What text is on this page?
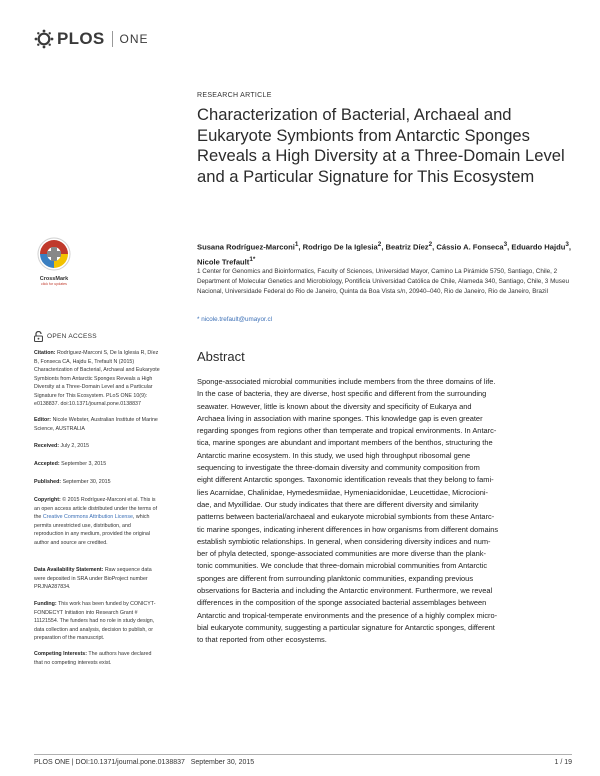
PLOS ONE
RESEARCH ARTICLE
Characterization of Bacterial, Archaeal and Eukaryote Symbionts from Antarctic Sponges Reveals a High Diversity at a Three-Domain Level and a Particular Signature for This Ecosystem
Susana Rodríguez-Marconi$^1$, Rodrigo De la Iglesia$^2$, Beatriz Díez$^2$, Cássio A. Fonseca$^3$, Eduardo Hajdu$^3$, Nicole Trefault$^{1*}$
1 Center for Genomics and Bioinformatics, Faculty of Sciences, Universidad Mayor, Camino La Pirámide 5750, Santiago, Chile, 2 Department of Molecular Genetics and Microbiology, Pontificia Universidad Católica de Chile, Alameda 340, Santiago, Chile, 3 Museu Nacional, Universidade Federal do Rio de Janeiro, Quinta da Boa Vista s/n, 20940–040, Rio de Janeiro, Rio de Janeiro, Brazil
* nicole.trefault@umayor.cl
Abstract
Sponge-associated microbial communities include members from the three domains of life.
In the case of bacteria, they are diverse, host specific and different from the surrounding
seawater. However, little is known about the diversity and specificity of Eukarya and
Archaea living in association with marine sponges. This knowledge gap is even greater
regarding sponges from regions other than temperate and tropical environments. In Antarc-
tica, marine sponges are abundant and important members of the benthos, structuring the
Antarctic marine ecosystem. In this study, we used high throughput ribosomal gene
sequencing to investigate the three-domain diversity and community composition from
eight different Antarctic sponges. Taxonomic identification reveals that they belong to fami-
lies Acarnidae, Chalinidae, Hymedesmiidae, Hymeniacidonidae, Leucettidae, Microcioni-
dae, and Myxillidae. Our study indicates that there are different diversity and similarity
patterns between bacterial/archaeal and eukaryote microbial symbionts from these Antarc-
tic marine sponges, indicating inherent differences in how organisms from different domains
establish symbiotic relationships. In general, when considering diversity indices and num-
ber of phyla detected, sponge-associated communities are more diverse than the plank-
tonic communities. We conclude that three-domain microbial communities from Antarctic
sponges are different from surrounding planktonic communities, expanding previous
observations for Bacteria and including the Antarctic environment. Furthermore, we reveal
differences in the composition of the sponge associated bacterial assemblages between
Antarctic and tropical-temperate environments and the presence of a highly complex micro-
bial eukaryote community, suggesting a particular signature for Antarctic sponges, different
to that reported from other ecosystems.
CrossMark
click for updates
OPEN ACCESS
Citation: Rodríguez-Marconi S, De la Iglesia R, Díez
B, Fonseca CA, Hajdu E, Trefault N (2015)
Characterization of Bacterial, Archaeal and Eukaryote
Symbionts from Antarctic Sponges Reveals a High
Diversity at a Three-Domain Level and a Particular
Signature for This Ecosystem. PLoS ONE 10(9):
e0138837. doi:10.1371/journal.pone.0138837
Editor: Nicole Webster, Australian Institute of Marine
Science, AUSTRALIA
Received: July 2, 2015
Accepted: September 3, 2015
Published: September 30, 2015
Copyright: © 2015 Rodríguez-Marconi et al. This is
an open access article distributed under the terms of
the Creative Commons Attribution License, which
permits unrestricted use, distribution, and
reproduction in any medium, provided the original
author and source are credited.
Data Availability Statement: Raw sequence data
were deposited in SRA under BioProject number
PRJNA287834.
Funding: This work has been funded by CONICYT-
FONDECYT Initiation into Research Grant #
11121554. The funders had no role in study design,
data collection and analysis, decision to publish, or
preparation of the manuscript.
Competing Interests: The authors have declared
that no competing interests exist.
PLOS ONE | DOI:10.1371/journal.pone.0138837 September 30, 2015	1 / 19
